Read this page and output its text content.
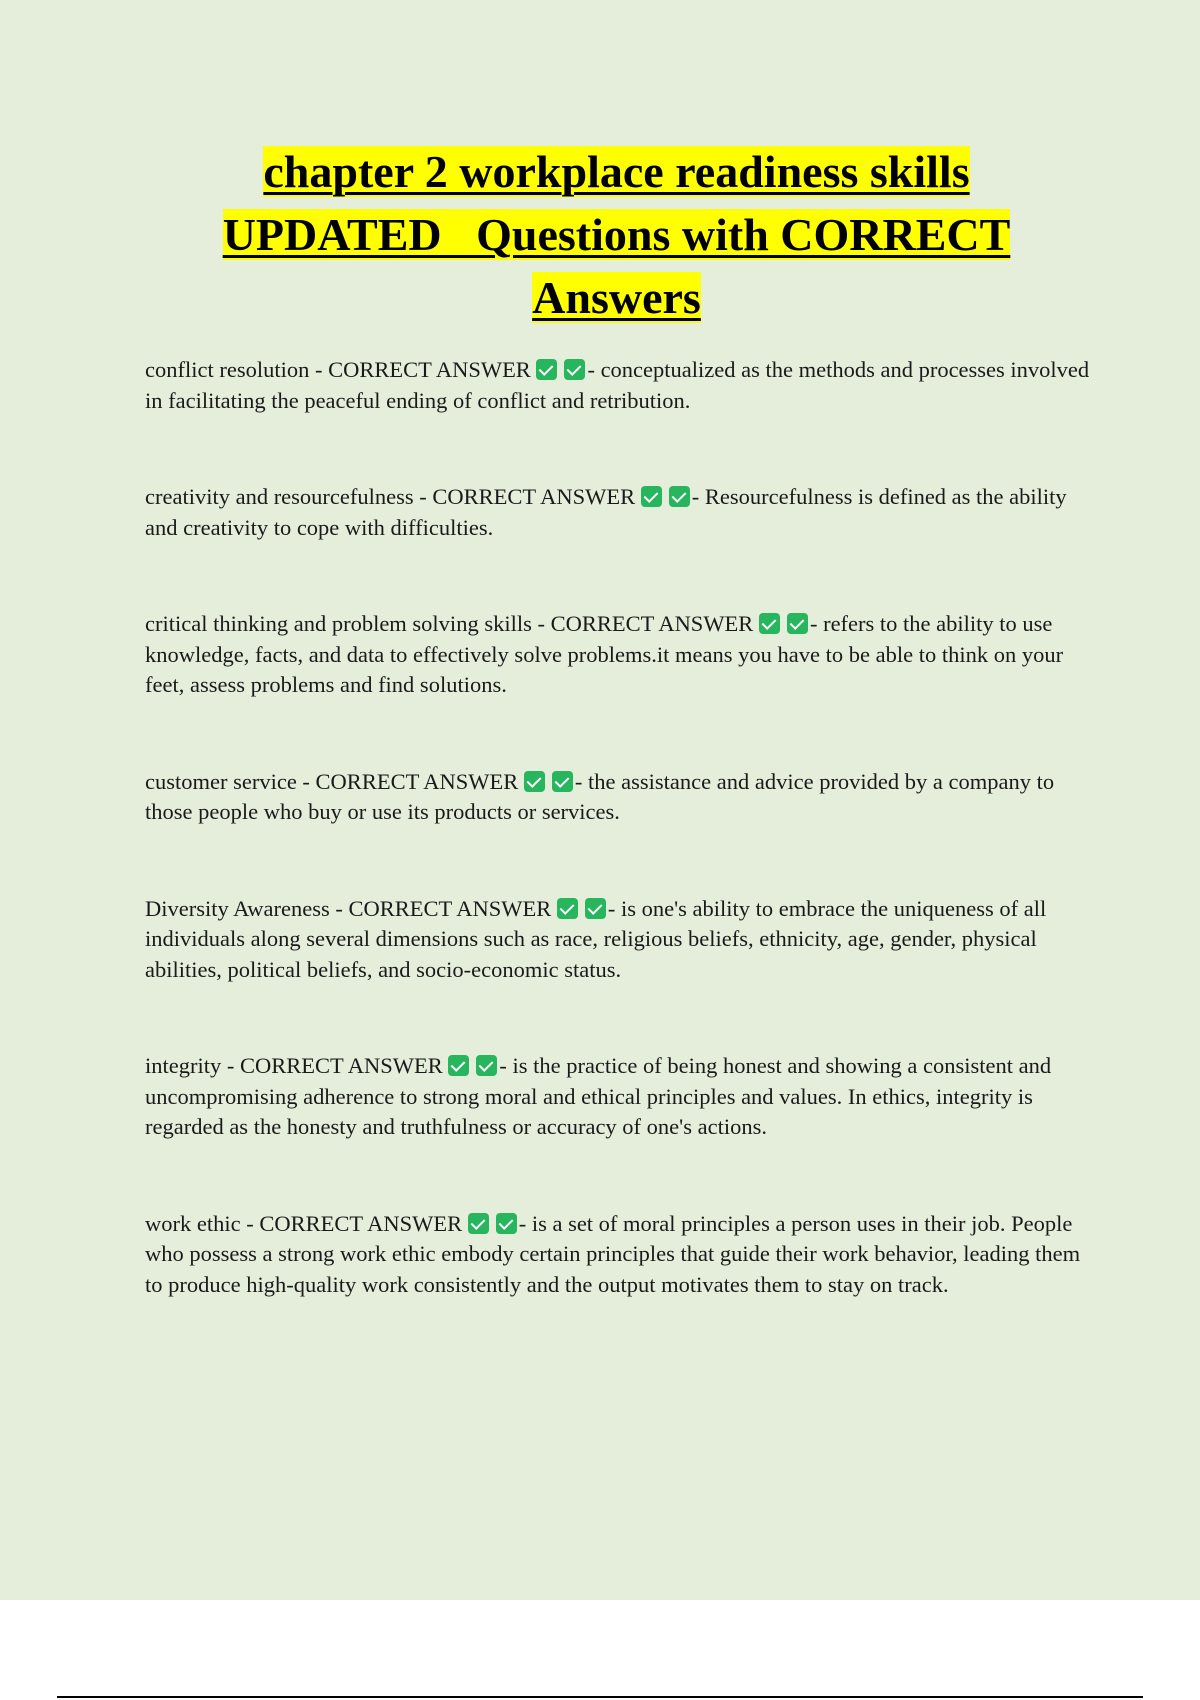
chapter 2 workplace readiness skills
UPDATED   Questions with CORRECT
Answers

conflict resolution - CORRECT ANSWER	- conceptualized as the methods and processes involved in facilitating the peaceful ending of conflict and retribution.

creativity and resourcefulness - CORRECT ANSWER	- Resourcefulness is defined as the ability and creativity to cope with difficulties.

critical thinking and problem solving skills - CORRECT ANSWER	- refers to the ability to use knowledge, facts, and data to effectively solve problems.it means you have to be able to think on your feet, assess problems and find solutions.

customer service - CORRECT ANSWER	- the assistance and advice provided by a company to those people who buy or use its products or services.

Diversity Awareness - CORRECT ANSWER	- is one's ability to embrace the uniqueness of all individuals along several dimensions such as race, religious beliefs, ethnicity, age, gender, physical abilities, political beliefs, and socio-economic status.

integrity - CORRECT ANSWER	- is the practice of being honest and showing a consistent and uncompromising adherence to strong moral and ethical principles and values. In ethics, integrity is regarded as the honesty and truthfulness or accuracy of one's actions.

work ethic - CORRECT ANSWER	- is a set of moral principles a person uses in their job. People who possess a strong work ethic embody certain principles that guide their work behavior, leading them to produce high-quality work consistently and the output motivates them to stay on track.
